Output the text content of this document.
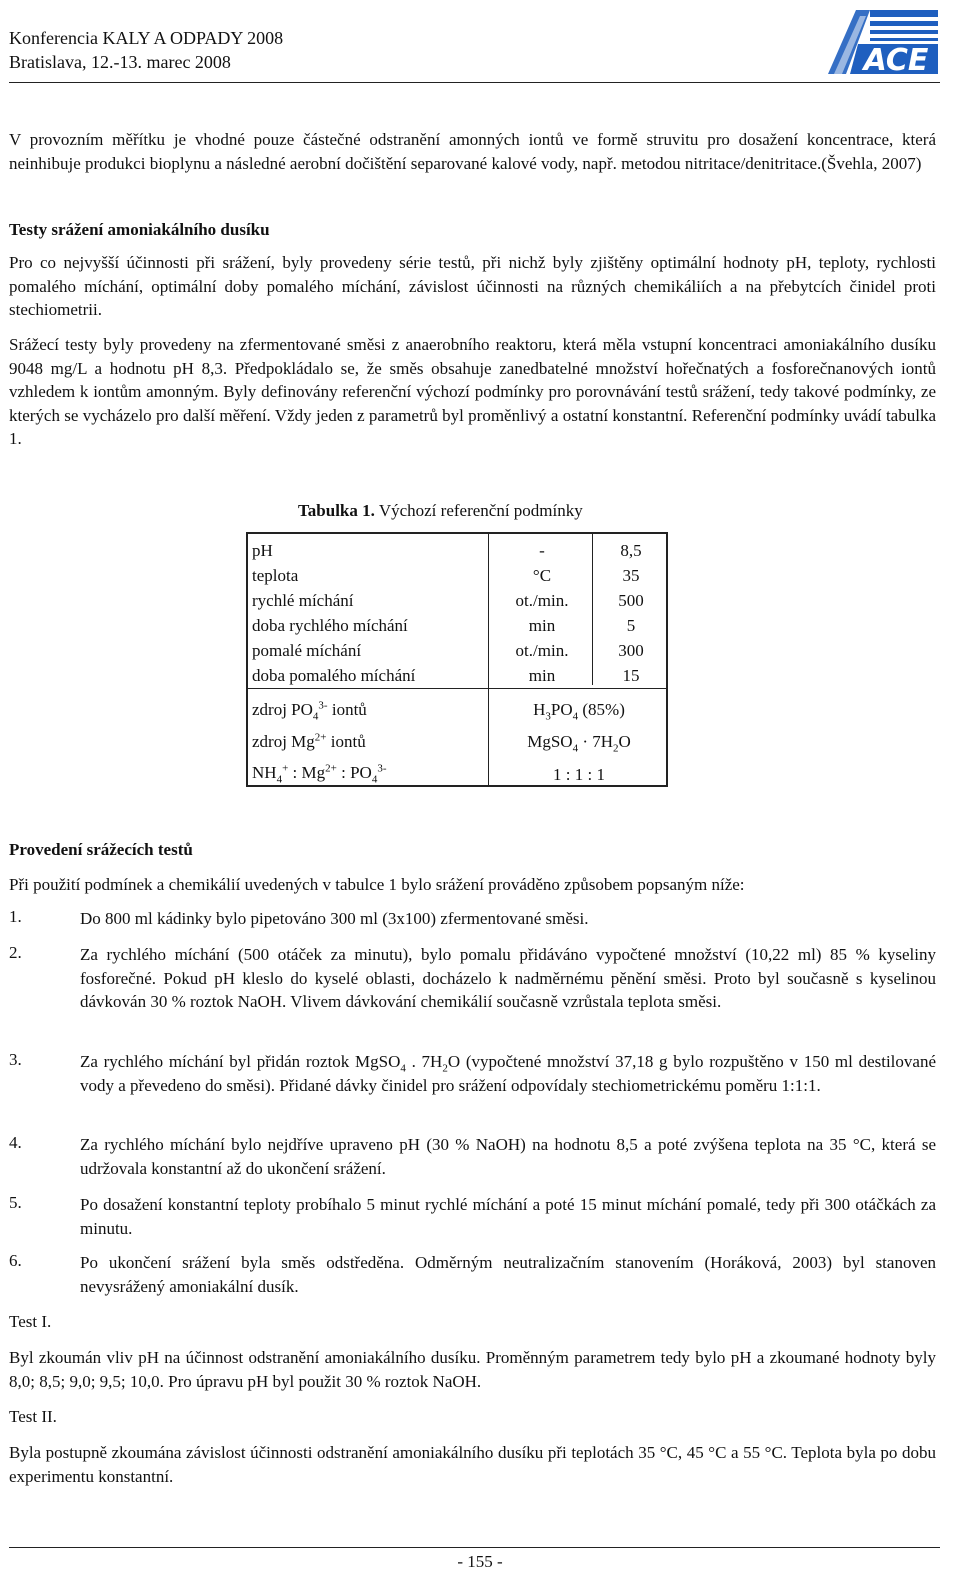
Konferencia KALY A ODPADY 2008
Bratislava, 12.-13. marec 2008	ACE
V provozním měřítku je vhodné pouze částečné odstranění amonných iontů ve formě struvitu pro dosažení koncentrace, která neinhibuje produkci bioplynu a následné aerobní dočištění separované kalové vody, např. metodou nitritace/denitritace.(Švehla, 2007)
Testy srážení amoniakálního dusíku
Pro co nejvyšší účinnosti při srážení, byly provedeny série testů, při nichž byly zjištěny optimální hodnoty pH, teploty, rychlosti pomalého míchání, optimální doby pomalého míchání, závislost účinnosti na různých chemikáliích a na přebytcích činidel proti stechiometrii.
Srážecí testy byly provedeny na zfermentované směsi z anaerobního reaktoru, která měla vstupní koncentraci amoniakálního dusíku 9048 mg/L a hodnotu pH 8,3. Předpokládalo se, že směs obsahuje zanedbatelné množství hořečnatých a fosforečnanových iontů vzhledem k iontům amonným. Byly definovány referenční výchozí podmínky pro porovnávání testů srážení, tedy takové podmínky, ze kterých se vycházelo pro další měření. Vždy jeden z parametrů byl proměnlivý a ostatní konstantní. Referenční podmínky uvádí tabulka 1.
Tabulka 1. Výchozí referenční podmínky
pH	-	8,5
teplota	°C	35
rychlé míchání	ot./min.	500
doba rychlého míchání	min	5
pomalé míchání	ot./min.	300
doba pomalého míchání	min	15
zdroj $PO_4^{3-}$ iontů	$H_3PO_4$ (85%)
zdroj $Mg^{2+}$ iontů	MgSO$_4$ · $7H_2O$
$NH_4^+$ : $Mg^{2+}$ : $PO_4^{3-}$	1 : 1 : 1
Provedení srážecích testů
Při použití podmínek a chemikálií uvedených v tabulce 1 bylo srážení prováděno způsobem popsaným níže:
1.	Do 800 ml kádinky bylo pipetováno 300 ml (3x100) zfermentované směsi.
2.	Za rychlého míchání (500 otáček za minutu), bylo pomalu přidáváno vypočtené množství (10,22 ml) 85 % kyseliny fosforečné. Pokud pH kleslo do kyselé oblasti, docházelo k nadměrnému pěnění směsi. Proto byl současně s kyselinou dávkován 30 % roztok NaOH. Vlivem dávkování chemikálií současně vzrůstala teplota směsi.
3.	Za rychlého míchání byl přidán roztok MgSO$_4$ . $7H_2O$ (vypočtené množství 37,18 g bylo rozpuštěno v 150 ml destilované vody a převedeno do směsi). Přidané dávky činidel pro srážení odpovídaly stechiometrickému poměru 1:1:1.
4.	Za rychlého míchání bylo nejdříve upraveno pH (30 % NaOH) na hodnotu 8,5 a poté zvýšena teplota na 35 °C, která se udržovala konstantní až do ukončení srážení.
5.	Po dosažení konstantní teploty probíhalo 5 minut rychlé míchání a poté 15 minut míchání pomalé, tedy při 300 otáčkách za minutu.
6.	Po ukončení srážení byla směs odstředěna. Odměrným neutralizačním stanovením (Horáková, 2003) byl stanoven nevysrážený amoniakální dusík.
Test I.
Byl zkoumán vliv pH na účinnost odstranění amoniakálního dusíku. Proměnným parametrem tedy bylo pH a zkoumané hodnoty byly 8,0; 8,5; 9,0; 9,5; 10,0. Pro úpravu pH byl použit 30 % roztok NaOH.
Test II.
Byla postupně zkoumána závislost účinnosti odstranění amoniakálního dusíku při teplotách 35 °C, 45 °C a 55 °C. Teplota byla po dobu experimentu konstantní.
- 155 -
